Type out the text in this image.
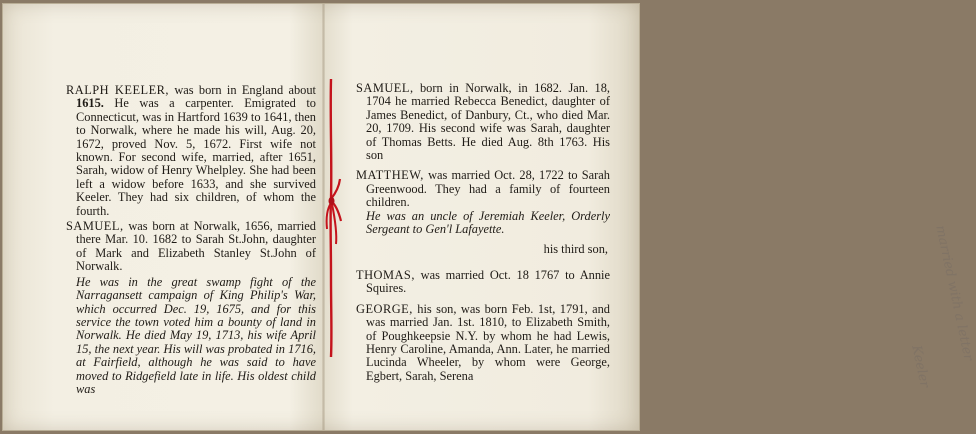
RALPH KEELER, was born in England about 1615. He was a carpenter. Emigrated to Connecticut, was in Hartford 1639 to 1641, then to Norwalk, where he made his will, Aug. 20, 1672, proved Nov. 5, 1672. First wife not known. For second wife, married, after 1651, Sarah, widow of Henry Whelpley. She had been left a widow before 1633, and she survived Keeler. They had six children, of whom the fourth.

SAMUEL, was born at Norwalk, 1656, married there Mar. 10. 1682 to Sarah St.John, daughter of Mark and Elizabeth Stanley St.John of Norwalk.

He was in the great swamp fight of the Narragansett campaign of King Philip's War, which occurred Dec. 19, 1675, and for this service the town voted him a bounty of land in Norwalk. He died May 19, 1713, his wife April 15, the next year. His will was probated in 1716, at Fairfield, although he was said to have moved to Ridgefield late in life. His oldest child was

SAMUEL, born in Norwalk, in 1682. Jan. 18, 1704 he married Rebecca Benedict, daughter of James Benedict, of Danbury, Ct., who died Mar. 20, 1709. His second wife was Sarah, daughter of Thomas Betts. He died Aug. 8th 1763. His son

MATTHEW, was married Oct. 28, 1722 to Sarah Greenwood. They had a family of fourteen children.

He was an uncle of Jeremiah Keeler, Orderly Sergeant to Gen'l Lafayette.

his third son,

THOMAS, was married Oct. 18 1767 to Annie Squires.

GEORGE, his son, was born Feb. 1st, 1791, and was married Jan. 1st. 1810, to Elizabeth Smith, of Poughkeepsie N.Y. by whom he had Lewis, Henry Caroline, Amanda, Ann. Later, he married Lucinda Wheeler, by whom were George, Egbert, Sarah, Serena

married with a letter
Keeler
